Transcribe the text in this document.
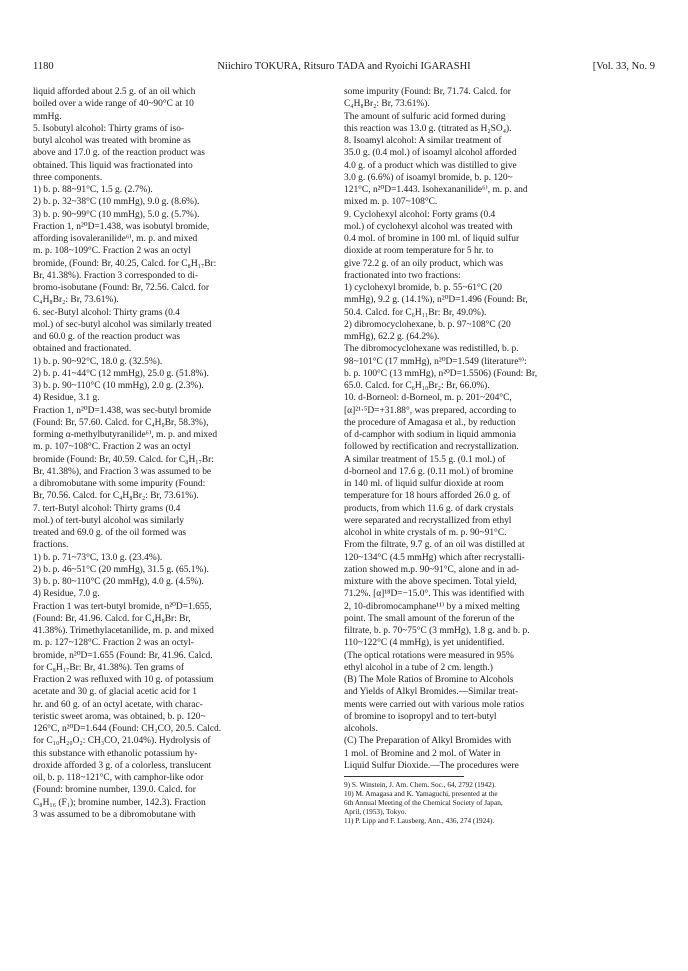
1180	Niichiro TOKURA, Ritsuro TADA and Ryoichi IGARASHI	[Vol. 33, No. 9

liquid afforded about 2.5 g. of an oil which

boiled over a wide range of 40~90°C at 10

mmHg.

5. Isobutyl alcohol: Thirty grams of iso-

butyl alcohol was treated with bromine as

above and 17.0 g. of the reaction product was

obtained. This liquid was fractionated into

three components.

1) b. p. 88~91°C, 1.5 g. (2.7%).

2) b. p. 32~38°C (10 mmHg), 9.0 g. (8.6%).

3) b. p. 90~99°C (10 mmHg), 5.0 g. (5.7%).

Fraction 1, n²⁰D=1.438, was isobutyl bromide,

affording isovaleranilide⁶⁾, m. p. and mixed

m. p. 108~109°C. Fraction 2 was an octyl

bromide, (Found: Br, 40.25, Calcd. for C₈H₁₇Br:

Br, 41.38%). Fraction 3 corresponded to di-

bromo-isobutane (Found: Br, 72.56. Calcd. for

C₄H₈Br₂: Br, 73.61%).

6. sec-Butyl alcohol: Thirty grams (0.4

mol.) of sec-butyl alcohol was similarly treated

and 60.0 g. of the reaction product was

obtained and fractionated.

1) b. p. 90~92°C, 18.0 g. (32.5%).

2) b. p. 41~44°C (12 mmHg), 25.0 g. (51.8%).

3) b. p. 90~110°C (10 mmHg), 2.0 g. (2.3%).

4) Residue, 3.1 g.

Fraction 1, n²⁰D=1.438, was sec-butyl bromide

(Found: Br, 57.60. Calcd. for C₄H₉Br, 58.3%),

forming α-methylbutyranilide⁶⁾, m. p. and mixed

m. p. 107~108°C. Fraction 2 was an octyl

bromide (Found: Br, 40.59. Calcd. for C₈H₁₇Br:

Br, 41.38%), and Fraction 3 was assumed to be

a dibromobutane with some impurity (Found:

Br, 70.56. Calcd. for C₄H₈Br₂: Br, 73.61%).

7. tert-Butyl alcohol: Thirty grams (0.4

mol.) of tert-butyl alcohol was similarly

treated and 69.0 g. of the oil formed was

fractions.

1) b. p. 71~73°C, 13.0 g. (23.4%).

2) b. p. 46~51°C (20 mmHg), 31.5 g. (65.1%).

3) b. p. 80~110°C (20 mmHg), 4.0 g. (4.5%).

4) Residue, 7.0 g.

Fraction 1 was tert-butyl bromide, n²⁰D=1.655,

(Found: Br, 41.96. Calcd. for C₄H₉Br: Br,

41.38%). Trimethylacetanilide, m. p. and mixed

m. p. 127~128°C. Fraction 2 was an octyl-

bromide, n²⁰D=1.655 (Found: Br, 41.96. Calcd.

for C₈H₁₇Br: Br, 41.38%). Ten grams of

Fraction 2 was refluxed with 10 g. of potassium

acetate and 30 g. of glacial acetic acid for 1

hr. and 60 g. of an octyl acetate, with charac-

teristic sweet aroma, was obtained, b. p. 120~

126°C, n²⁰D=1.644 (Found: CH₃CO, 20.5. Calcd.

for C₁₀H₂₀O₂: CH₃CO, 21.04%). Hydrolysis of

this substance with ethanolic potassium hy-

droxide afforded 3 g. of a colorless, translucent

oil, b. p. 118~121°C, with camphor-like odor

(Found: bromine number, 139.0. Calcd. for

C₈H₁₆ (F₁); bromine number, 142.3). Fraction

3 was assumed to be a dibromobutane with

some impurity (Found: Br, 71.74. Calcd. for

C₄H₈Br₂: Br, 73.61%).

The amount of sulfuric acid formed during

this reaction was 13.0 g. (titrated as H₂SO₄).

8. Isoamyl alcohol: A similar treatment of

35.0 g. (0.4 mol.) of isoamyl alcohol afforded

4.0 g. of a product which was distilled to give

3.0 g. (6.6%) of isoamyl bromide, b. p. 120~

121°C, n²⁰D=1.443. Isohexananilide⁶⁾, m. p. and

mixed m. p. 107~108°C.

9. Cyclohexyl alcohol: Forty grams (0.4

mol.) of cyclohexyl alcohol was treated with

0.4 mol. of bromine in 100 ml. of liquid sulfur

dioxide at room temperature for 5 hr. to

give 72.2 g. of an oily product, which was

fractionated into two fractions:

1) cyclohexyl bromide, b. p. 55~61°C (20

mmHg), 9.2 g. (14.1%), n²⁰D=1.496 (Found: Br,

50.4. Calcd. for C₆H₁₁Br: Br, 49.0%).

2) dibromocyclohexane, b. p. 97~108°C (20

mmHg), 62.2 g. (64.2%).

The dibromocyclohexane was redistilled, b. p.

98~101°C (17 mmHg), n²⁰D=1.549 (literature⁹⁾:

b. p. 100°C (13 mmHg), n²⁰D=1.5506) (Found: Br,

65.0. Calcd. for C₆H₁₀Br₂: Br, 66.0%).

10. d-Borneol: d-Borneol, m. p. 201~204°C,

[α]²¹·⁵D=+31.88°, was prepared, according to

the procedure of Amagasa et al., by reduction

of d-camphor with sodium in liquid ammonia

followed by rectification and recrystallization.

A similar treatment of 15.5 g. (0.1 mol.) of

d-borneol and 17.6 g. (0.11 mol.) of bromine

in 140 ml. of liquid sulfur dioxide at room

temperature for 18 hours afforded 26.0 g. of

products, from which 11.6 g. of dark crystals

were separated and recrystallized from ethyl

alcohol in white crystals of m. p. 90~91°C.

From the filtrate, 9.7 g. of an oil was distilled at

120~134°C (4.5 mmHg) which after recrystalli-

zation showed m.p. 90~91°C, alone and in ad-

mixture with the above specimen. Total yield,

71.2%. [α]¹⁸D=−15.0°. This was identified with

2, 10-dibromocamphane¹¹⁾ by a mixed melting

point. The small amount of the forerun of the

filtrate, b. p. 70~75°C (3 mmHg), 1.8 g. and b. p.

110~122°C (4 mmHg), is yet unidentified.

(The optical rotations were measured in 95%

ethyl alcohol in a tube of 2 cm. length.)

(B) The Mole Ratios of Bromine to Alcohols

and Yields of Alkyl Bromides.—Similar treat-

ments were carried out with various mole ratios

of bromine to isopropyl and to tert-butyl

alcohols.

(C) The Preparation of Alkyl Bromides with

1 mol. of Bromine and 2 mol. of Water in

Liquid Sulfur Dioxide.—The procedures were

9) S. Winstein, J. Am. Chem. Soc., 64, 2792 (1942).

10) M. Amagasa and K. Yamaguchi, presented at the

6th Annual Meeting of the Chemical Society of Japan,

April, (1953), Tokyo.

11) P. Lipp and F. Lausberg, Ann., 436, 274 (1924).
